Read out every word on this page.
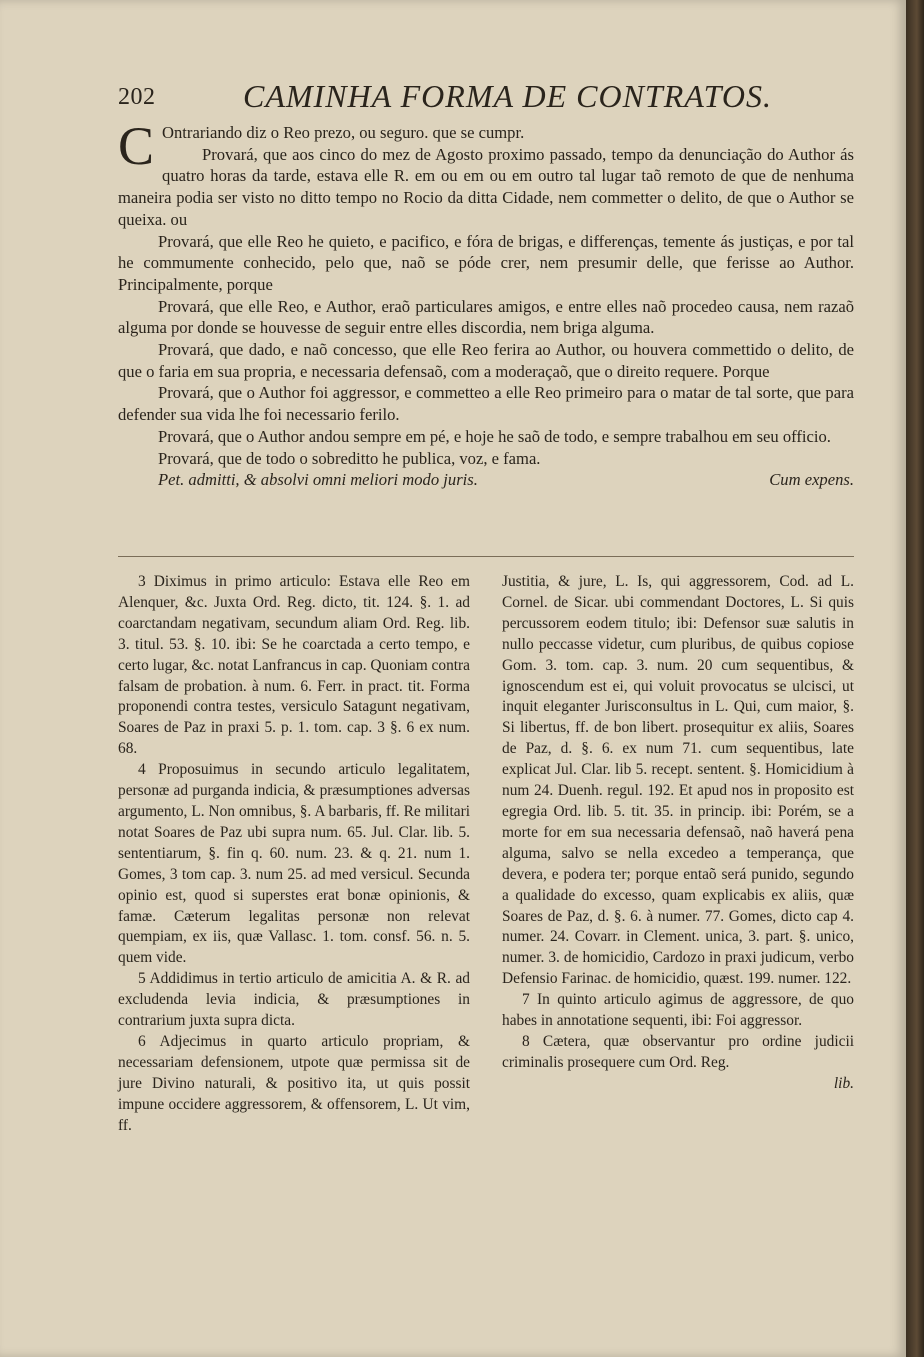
202	CAMINHA FORMA DE CONTRATOS.

C Ontrariando diz o Reo prezo, ou seguro. que se cumpr.

Provará, que aos cinco do mez de Agosto proximo passado, tempo da denunciação do Author ás quatro horas da tarde, estava elle R. em ou em ou em outro tal lugar taõ remoto de que de nenhuma maneira podia ser visto no ditto tempo no Rocio da ditta Cidade, nem commetter o delito, de que o Author se queixa. ou

Provará, que elle Reo he quieto, e pacifico, e fóra de brigas, e differenças, temente ás justiças, e por tal he commumente conhecido, pelo que, naõ se póde crer, nem presumir delle, que ferisse ao Author. Principalmente, porque

Provará, que elle Reo, e Author, eraõ particulares amigos, e entre elles naõ procedeo causa, nem razaõ alguma por donde se houvesse de seguir entre elles discordia, nem briga alguma.

Provará, que dado, e naõ concesso, que elle Reo ferira ao Author, ou houvera commettido o delito, de que o faria em sua propria, e necessaria defensaõ, com a moderaçaõ, que o direito requere. Porque

Provará, que o Author foi aggressor, e commetteo a elle Reo primeiro para o matar de tal sorte, que para defender sua vida lhe foi necessario ferilo.

Provará, que o Author andou sempre em pé, e hoje he saõ de todo, e sempre trabalhou em seu officio.

Provará, que de todo o sobreditto he publica, voz, e fama.

Pet. admitti, & absolvi omni meliori modo juris.	Cum expens.

3 Diximus in primo articulo: Estava elle Reo em Alenquer, &c. Juxta Ord. Reg. dicto, tit. 124. §. 1. ad coarctandam negativam, secundum aliam Ord. Reg. lib. 3. titul. 53. §. 10. ibi: Se he coarctada a certo tempo, e certo lugar, &c. notat Lanfrancus in cap. Quoniam contra falsam de probation. à num. 6. Ferr. in pract. tit. Forma proponendi contra testes, versiculo Satagunt negativam, Soares de Paz in praxi 5. p. 1. tom. cap. 3 §. 6 ex num. 68.

4 Proposuimus in secundo articulo legalitatem, personæ ad purganda indicia, & præsumptiones adversas argumento, L. Non omnibus, §. A barbaris, ff. Re militari notat Soares de Paz ubi supra num. 65. Jul. Clar. lib. 5. sententiarum, §. fin q. 60. num. 23. & q. 21. num 1. Gomes, 3 tom cap. 3. num 25. ad med versicul. Secunda opinio est, quod si superstes erat bonæ opinionis, & famæ. Cæterum legalitas personæ non relevat quempiam, ex iis, quæ Vallasc. 1. tom. consf. 56. n. 5. quem vide.

5 Addidimus in tertio articulo de amicitia A. & R. ad excludenda levia indicia, & præsumptiones in contrarium juxta supra dicta.

6 Adjecimus in quarto articulo propriam, & necessariam defensionem, utpote quæ permissa sit de jure Divino naturali, & positivo ita, ut quis possit impune occidere aggressorem, & offensorem, L. Ut vim, ff.

Justitia, & jure, L. Is, qui aggressorem, Cod. ad L. Cornel. de Sicar. ubi commendant Doctores, L. Si quis percussorem eodem titulo; ibi: Defensor suæ salutis in nullo peccasse videtur, cum pluribus, de quibus copiose Gom. 3. tom. cap. 3. num. 20 cum sequentibus, & ignoscendum est ei, qui voluit provocatus se ulcisci, ut inquit eleganter Jurisconsultus in L. Qui, cum maior, §. Si libertus, ff. de bon libert. prosequitur ex aliis, Soares de Paz, d. §. 6. ex num 71. cum sequentibus, late explicat Jul. Clar. lib 5. recept. sentent. §. Homicidium à num 24. Duenh. regul. 192. Et apud nos in proposito est egregia Ord. lib. 5. tit. 35. in princip. ibi: Porém, se a morte for em sua necessaria defensaõ, naõ haverá pena alguma, salvo se nella excedeo a temperança, que devera, e podera ter; porque entaõ será punido, segundo a qualidade do excesso, quam explicabis ex aliis, quæ Soares de Paz, d. §. 6. à numer. 77. Gomes, dicto cap 4. numer. 24. Covarr. in Clement. unica, 3. part. §. unico, numer. 3. de homicidio, Cardozo in praxi judicum, verbo Defensio Farinac. de homicidio, quæst. 199. numer. 122.

7 In quinto articulo agimus de aggressore, de quo habes in annotatione sequenti, ibi: Foi aggressor.

8 Cætera, quæ observantur pro ordine judicii criminalis prosequere cum Ord. Reg.

lib.
